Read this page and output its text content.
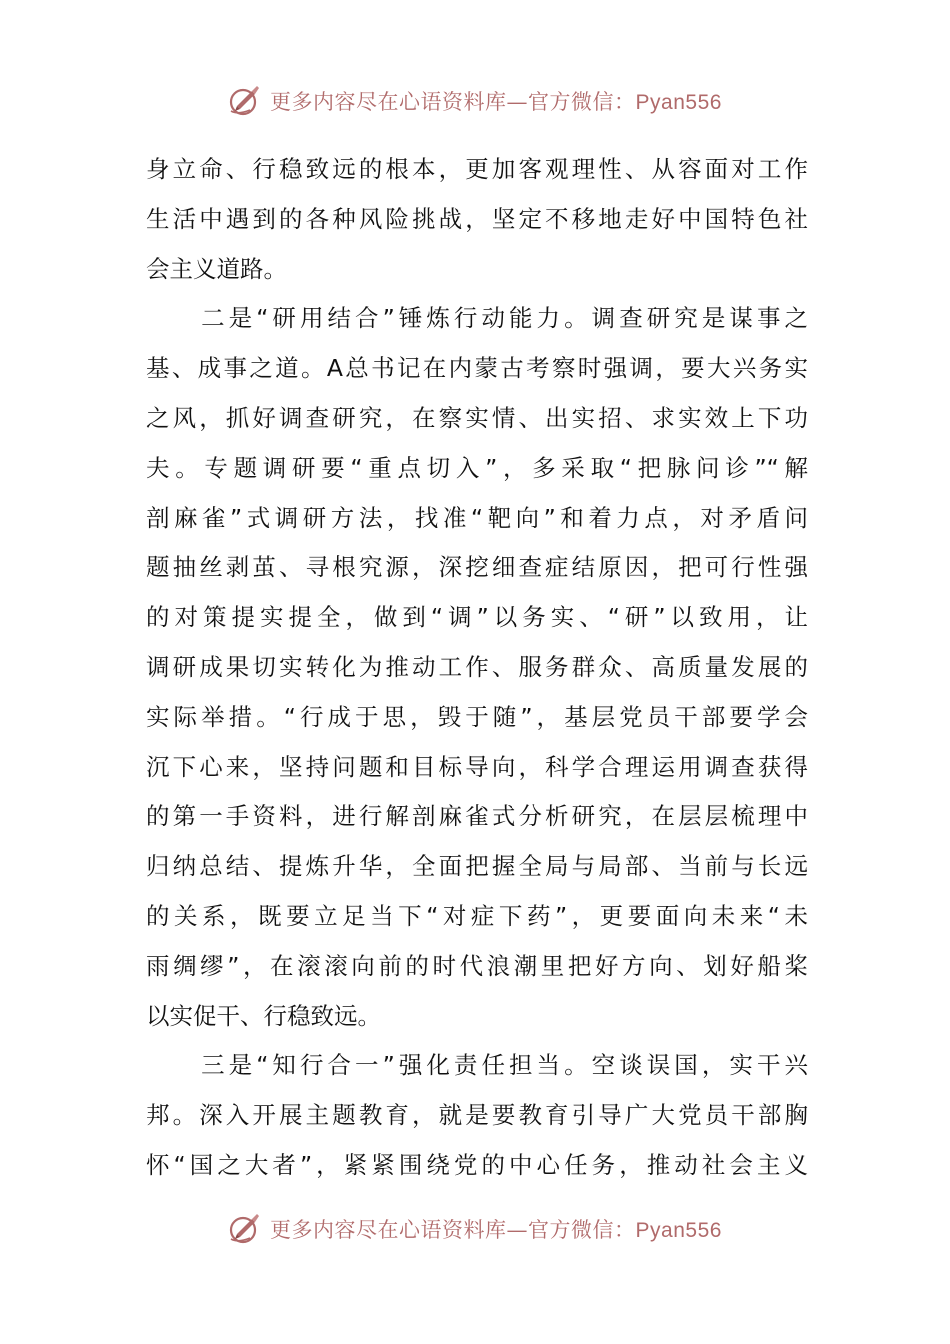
更多内容尽在心语资料库—官方微信：Pyan556
身立命、行稳致远的根本，更加客观理性、从容面对工作
生活中遇到的各种风险挑战，坚定不移地走好中国特色社
会主义道路。
　　二是“研用结合”锤炼行动能力。调查研究是谋事之
基、成事之道。A总书记在内蒙古考察时强调，要大兴务实
之风，抓好调查研究，在察实情、出实招、求实效上下功
夫。专题调研要“重点切入”，多采取“把脉问诊”“解
剖麻雀”式调研方法，找准“靶向”和着力点，对矛盾问
题抽丝剥茧、寻根究源，深挖细查症结原因，把可行性强
的对策提实提全，做到“调”以务实、“研”以致用，让
调研成果切实转化为推动工作、服务群众、高质量发展的
实际举措。“行成于思，毁于随”，基层党员干部要学会
沉下心来，坚持问题和目标导向，科学合理运用调查获得
的第一手资料，进行解剖麻雀式分析研究，在层层梳理中
归纳总结、提炼升华，全面把握全局与局部、当前与长远
的关系，既要立足当下“对症下药”，更要面向未来“未
雨绸缪”，在滚滚向前的时代浪潮里把好方向、划好船桨
以实促干、行稳致远。
　　三是“知行合一”强化责任担当。空谈误国，实干兴
邦。深入开展主题教育，就是要教育引导广大党员干部胸
怀“国之大者”，紧紧围绕党的中心任务，推动社会主义
更多内容尽在心语资料库—官方微信：Pyan556
